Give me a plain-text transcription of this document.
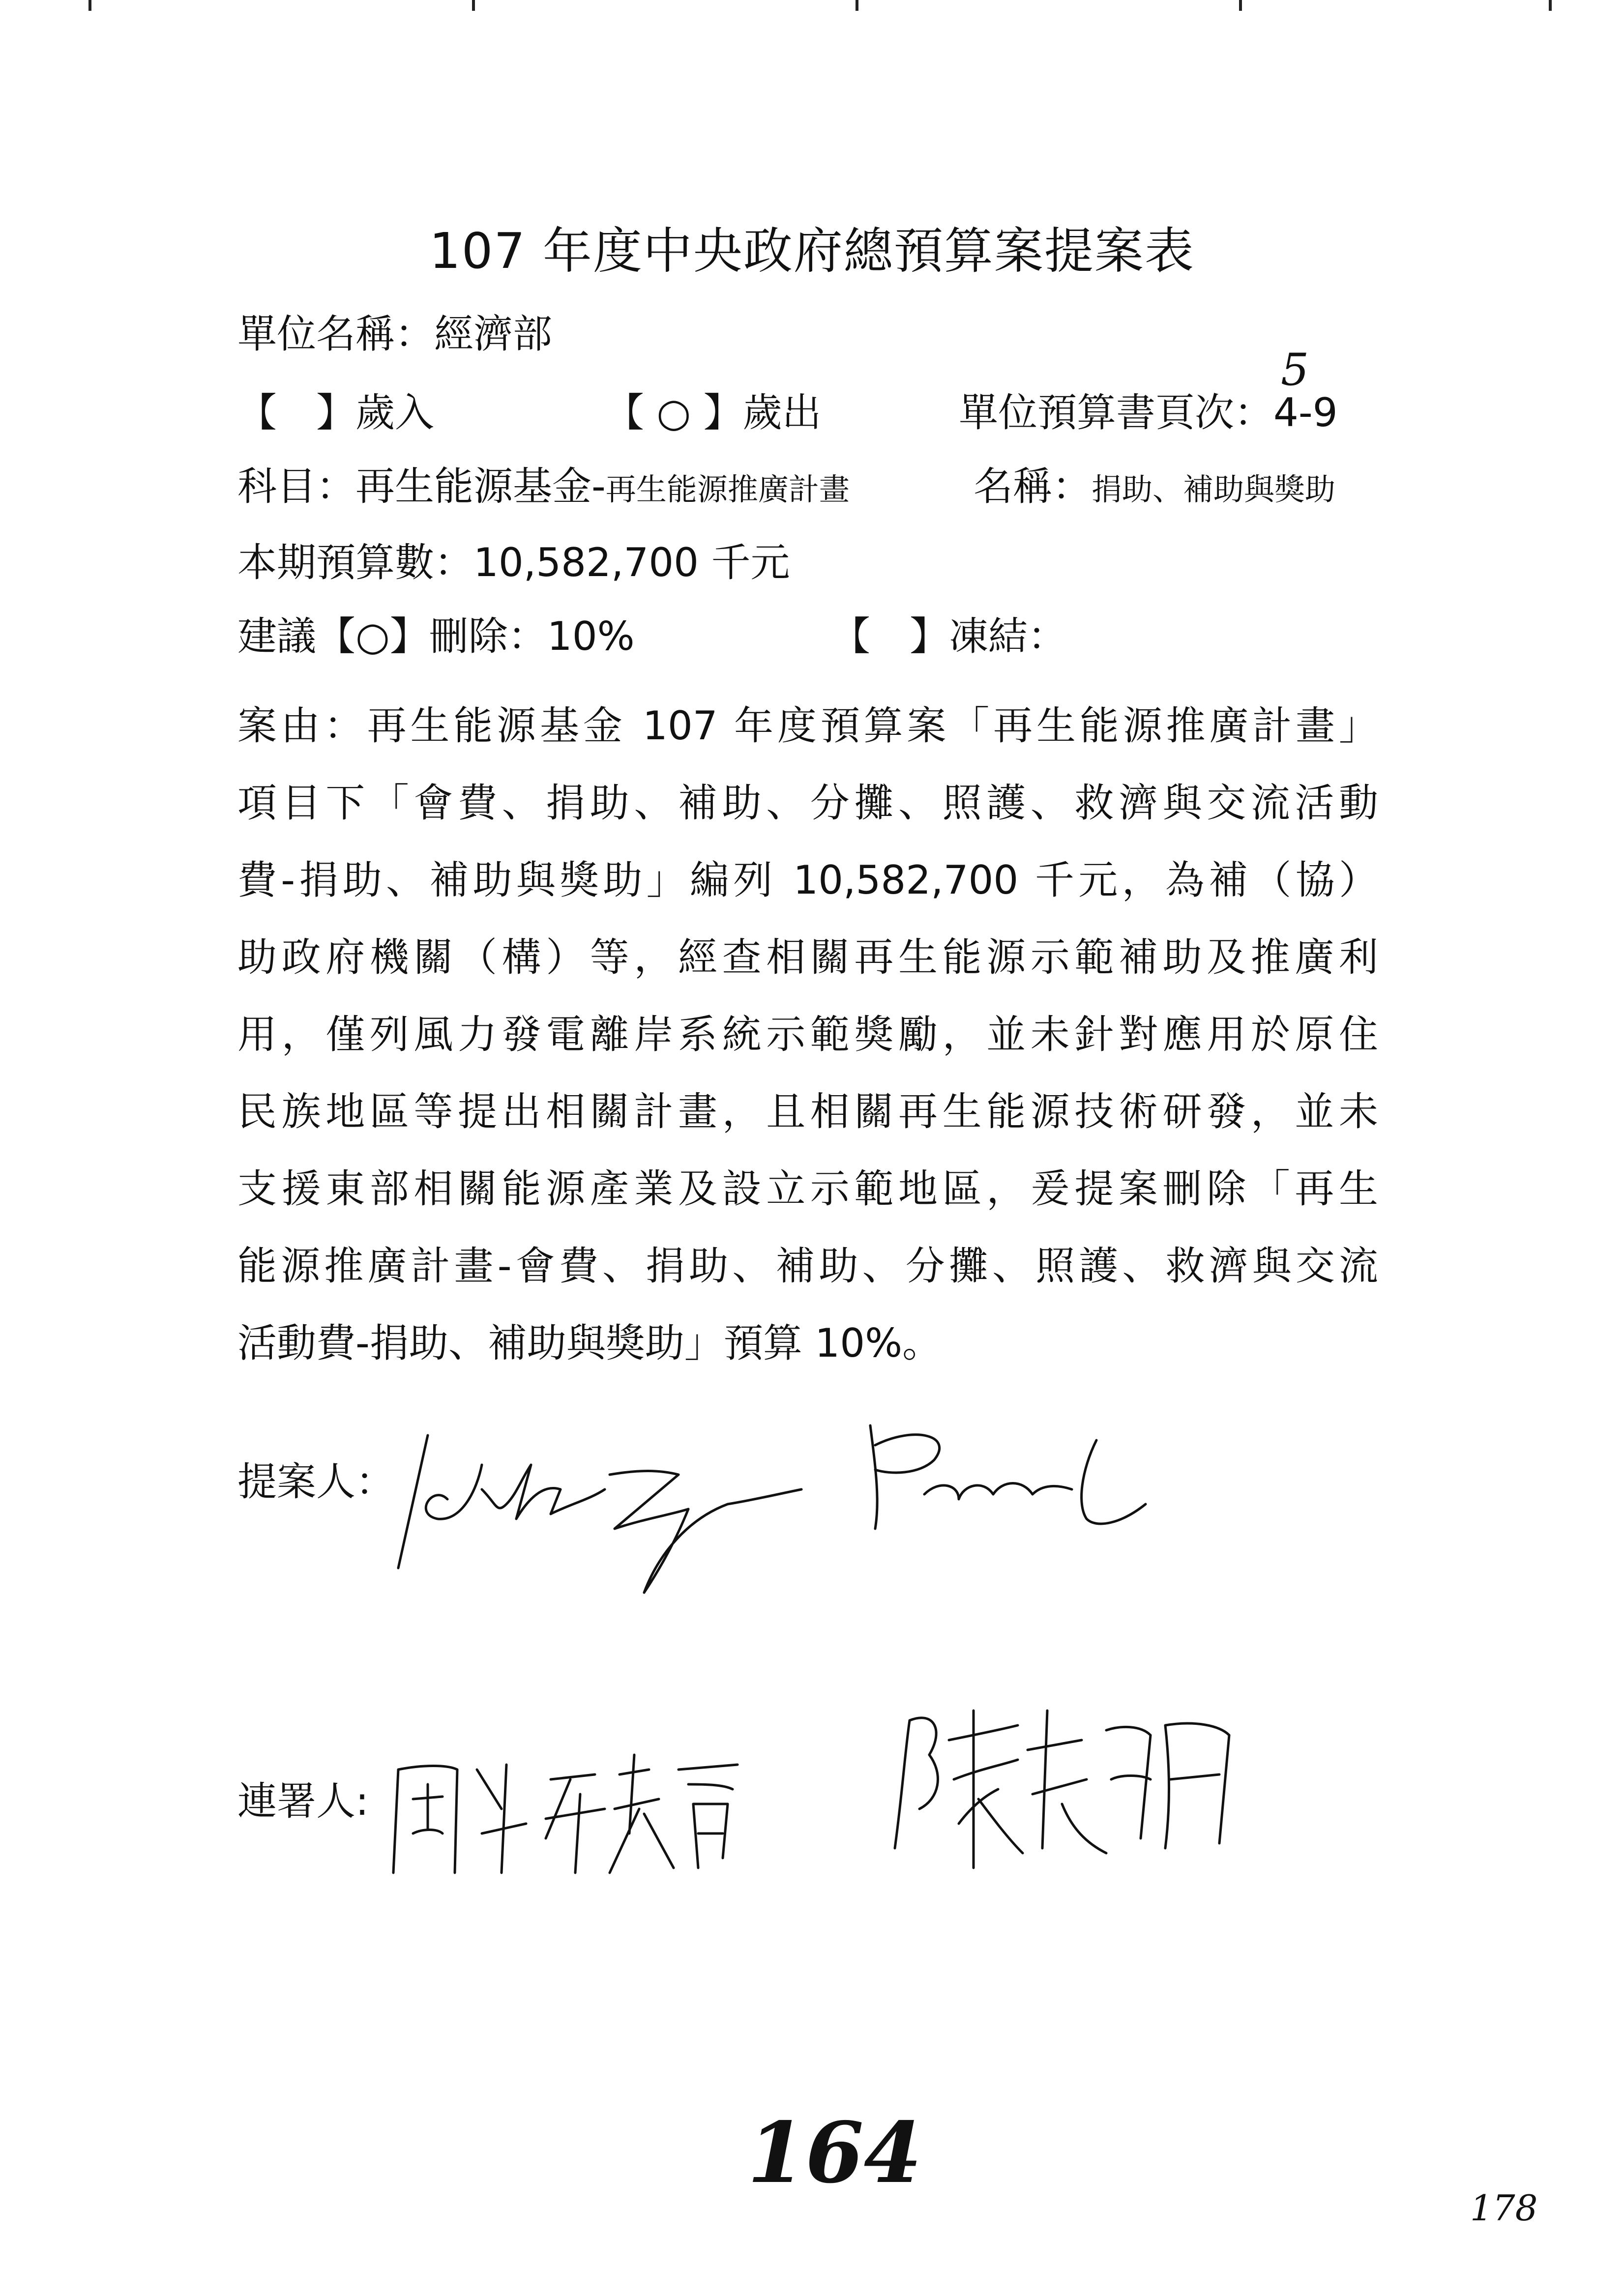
107 年度中央政府總預算案提案表
單位名稱：經濟部
【　】歲入	【 ○ 】歲出	單位預算書頁次：4-9
5
科目：再生能源基金-再生能源推廣計畫	名稱：捐助、補助與獎助
本期預算數：10,582,700 千元
建議【○】刪除：10%	【　】凍結：
案由：再生能源基金 107 年度預算案「再生能源推廣計畫」
項目下「會費、捐助、補助、分攤、照護、救濟與交流活動
費-捐助、補助與獎助」編列 10,582,700 千元，為補（協）
助政府機關（構）等，經查相關再生能源示範補助及推廣利
用，僅列風力發電離岸系統示範獎勵，並未針對應用於原住
民族地區等提出相關計畫，且相關再生能源技術研發，並未
支援東部相關能源產業及設立示範地區，爰提案刪除「再生
能源推廣計畫-會費、捐助、補助、分攤、照護、救濟與交流
活動費-捐助、補助與獎助」預算 10%。
提案人：
連署人:
164
178
